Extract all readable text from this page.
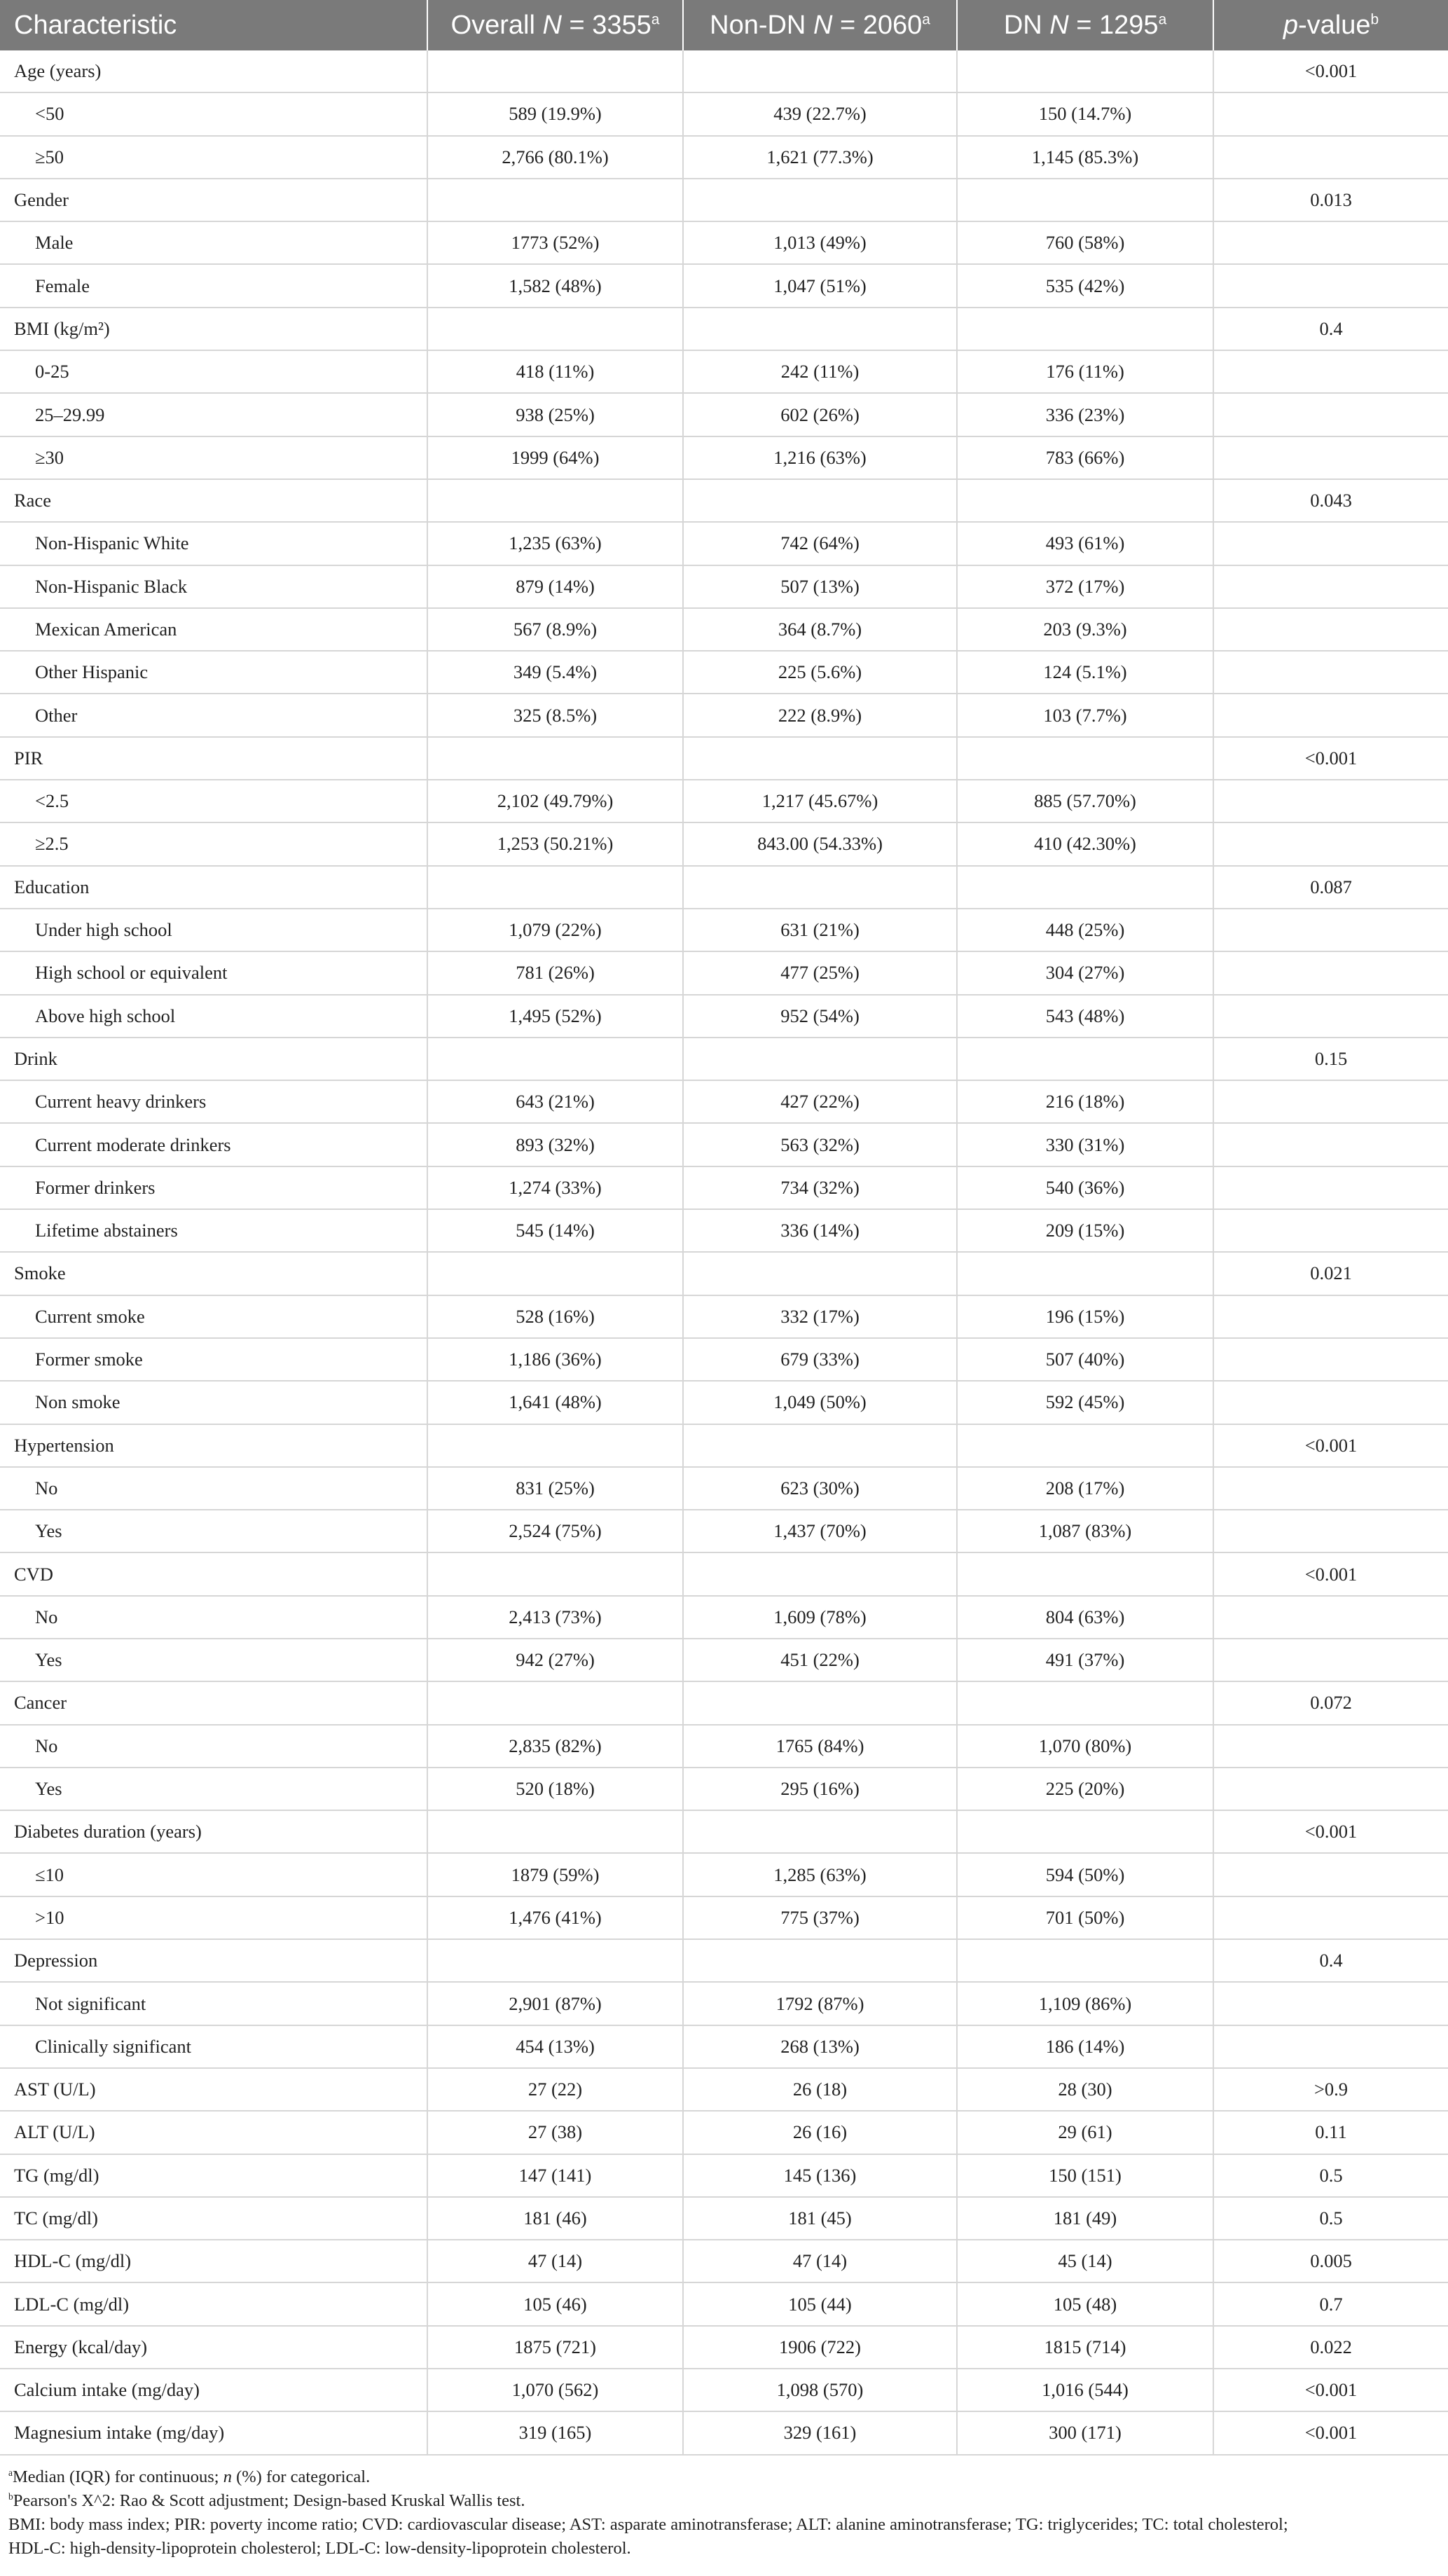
Characteristic	Overall $N = 3355^a$	Non-DN $N = 2060^a$	DN $N = 1295^a$	p-value$^b$
Age (years)				<0.001
<50	589 (19.9%)	439 (22.7%)	150 (14.7%)	
≥50	2,766 (80.1%)	1,621 (77.3%)	1,145 (85.3%)	
Gender				0.013
Male	1773 (52%)	1,013 (49%)	760 (58%)	
Female	1,582 (48%)	1,047 (51%)	535 (42%)	
BMI (kg/m²)				0.4
0-25	418 (11%)	242 (11%)	176 (11%)	
25–29.99	938 (25%)	602 (26%)	336 (23%)	
≥30	1999 (64%)	1,216 (63%)	783 (66%)	
Race				0.043
Non-Hispanic White	1,235 (63%)	742 (64%)	493 (61%)	
Non-Hispanic Black	879 (14%)	507 (13%)	372 (17%)	
Mexican American	567 (8.9%)	364 (8.7%)	203 (9.3%)	
Other Hispanic	349 (5.4%)	225 (5.6%)	124 (5.1%)	
Other	325 (8.5%)	222 (8.9%)	103 (7.7%)	
PIR				<0.001
<2.5	2,102 (49.79%)	1,217 (45.67%)	885 (57.70%)	
≥2.5	1,253 (50.21%)	843.00 (54.33%)	410 (42.30%)	
Education				0.087
Under high school	1,079 (22%)	631 (21%)	448 (25%)	
High school or equivalent	781 (26%)	477 (25%)	304 (27%)	
Above high school	1,495 (52%)	952 (54%)	543 (48%)	
Drink				0.15
Current heavy drinkers	643 (21%)	427 (22%)	216 (18%)	
Current moderate drinkers	893 (32%)	563 (32%)	330 (31%)	
Former drinkers	1,274 (33%)	734 (32%)	540 (36%)	
Lifetime abstainers	545 (14%)	336 (14%)	209 (15%)	
Smoke				0.021
Current smoke	528 (16%)	332 (17%)	196 (15%)	
Former smoke	1,186 (36%)	679 (33%)	507 (40%)	
Non smoke	1,641 (48%)	1,049 (50%)	592 (45%)	
Hypertension				<0.001
No	831 (25%)	623 (30%)	208 (17%)	
Yes	2,524 (75%)	1,437 (70%)	1,087 (83%)	
CVD				<0.001
No	2,413 (73%)	1,609 (78%)	804 (63%)	
Yes	942 (27%)	451 (22%)	491 (37%)	
Cancer				0.072
No	2,835 (82%)	1765 (84%)	1,070 (80%)	
Yes	520 (18%)	295 (16%)	225 (20%)	
Diabetes duration (years)				<0.001
≤10	1879 (59%)	1,285 (63%)	594 (50%)	
>10	1,476 (41%)	775 (37%)	701 (50%)	
Depression				0.4
Not significant	2,901 (87%)	1792 (87%)	1,109 (86%)	
Clinically significant	454 (13%)	268 (13%)	186 (14%)	
AST (U/L)	27 (22)	26 (18)	28 (30)	>0.9
ALT (U/L)	27 (38)	26 (16)	29 (61)	0.11
TG (mg/dl)	147 (141)	145 (136)	150 (151)	0.5
TC (mg/dl)	181 (46)	181 (45)	181 (49)	0.5
HDL-C (mg/dl)	47 (14)	47 (14)	45 (14)	0.005
LDL-C (mg/dl)	105 (46)	105 (44)	105 (48)	0.7
Energy (kcal/day)	1875 (721)	1906 (722)	1815 (714)	0.022
Calcium intake (mg/day)	1,070 (562)	1,098 (570)	1,016 (544)	<0.001
Magnesium intake (mg/day)	319 (165)	329 (161)	300 (171)	<0.001
$^a$Median (IQR) for continuous; n (%) for categorical.
$^b$Pearson's X^2: Rao & Scott adjustment; Design-based Kruskal Wallis test.
BMI: body mass index; PIR: poverty income ratio; CVD: cardiovascular disease; AST: asparate aminotransferase; ALT: alanine aminotransferase; TG: triglycerides; TC: total cholesterol;
HDL-C: high-density-lipoprotein cholesterol; LDL-C: low-density-lipoprotein cholesterol.
